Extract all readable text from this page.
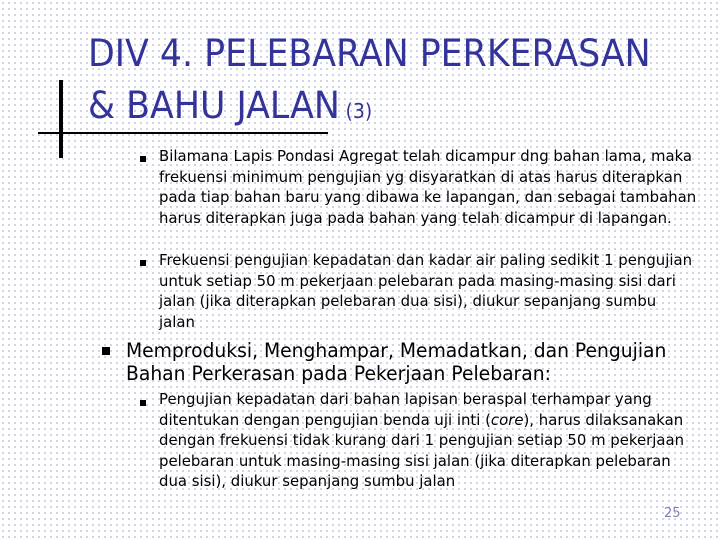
DIV 4. PELEBARAN PERKERASAN & BAHU JALAN (3)

Bilamana Lapis Pondasi Agregat telah dicampur dng bahan lama, maka frekuensi minimum pengujian yg disyaratkan di atas harus diterapkan pada tiap bahan baru yang dibawa ke lapangan, dan sebagai tambahan harus diterapkan juga pada bahan yang telah dicampur di lapangan.

Frekuensi pengujian kepadatan dan kadar air paling sedikit 1 pengujian untuk setiap 50 m pekerjaan pelebaran pada masing-masing sisi dari jalan (jika diterapkan pelebaran dua sisi), diukur sepanjang sumbu jalan

Memproduksi, Menghampar, Memadatkan, dan Pengujian Bahan Perkerasan pada Pekerjaan Pelebaran:

Pengujian kepadatan dari bahan lapisan beraspal terhampar yang ditentukan dengan pengujian benda uji inti (core), harus dilaksanakan dengan frekuensi tidak kurang dari 1 pengujian setiap 50 m pekerjaan pelebaran untuk masing-masing sisi jalan (jika diterapkan pelebaran dua sisi), diukur sepanjang sumbu jalan

25
